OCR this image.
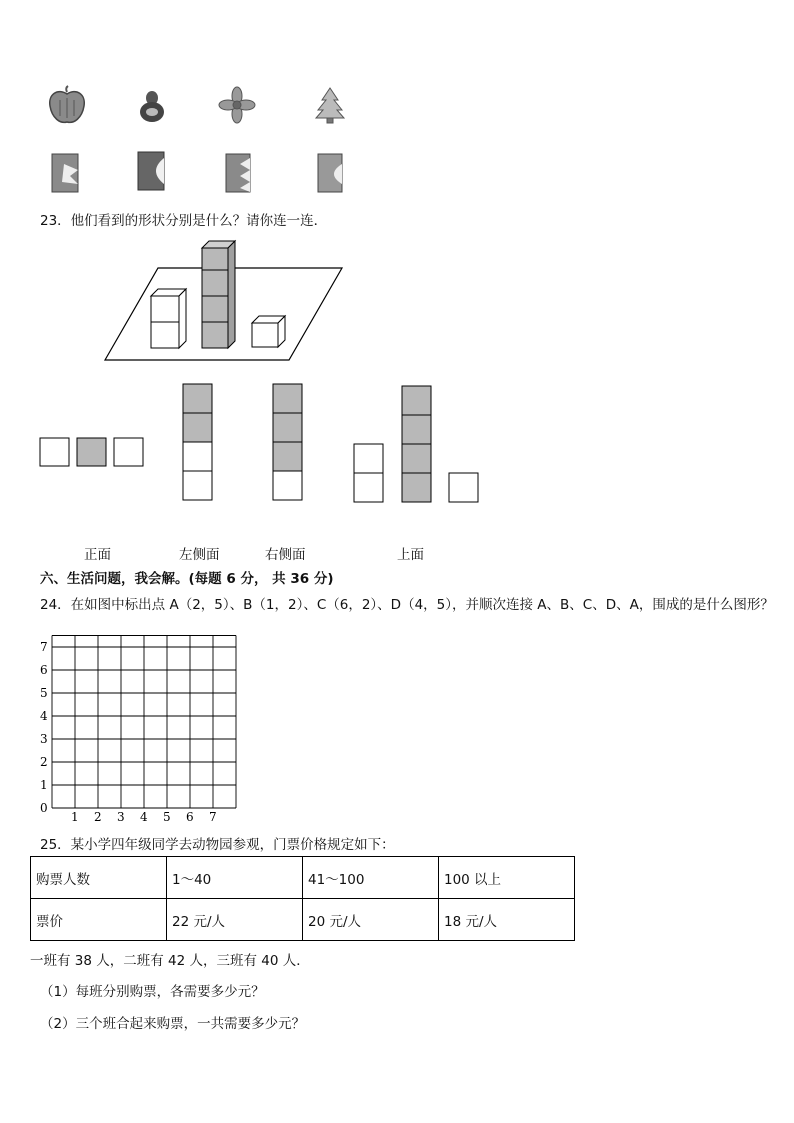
23．他们看到的形状分别是什么？请你连一连．
正面	左侧面	右侧面	上面
六、生活问题，我会解。(每题 6 分， 共 36 分)
24．在如图中标出点 A（2，5）、B（1，2）、C（6，2）、D（4，5），并顺次连接 A、B、C、D、A，围成的是什么图形？
1 2 3 4 5 6 7
0
1
2
3
4
5
6
7
25．某小学四年级同学去动物园参观，门票价格规定如下：
购票人数	1～40	41～100	100 以上
票价	22 元/人	20 元/人	18 元/人
一班有 38 人，二班有 42 人，三班有 40 人．
（1）每班分别购票，各需要多少元？
（2）三个班合起来购票，一共需要多少元？
